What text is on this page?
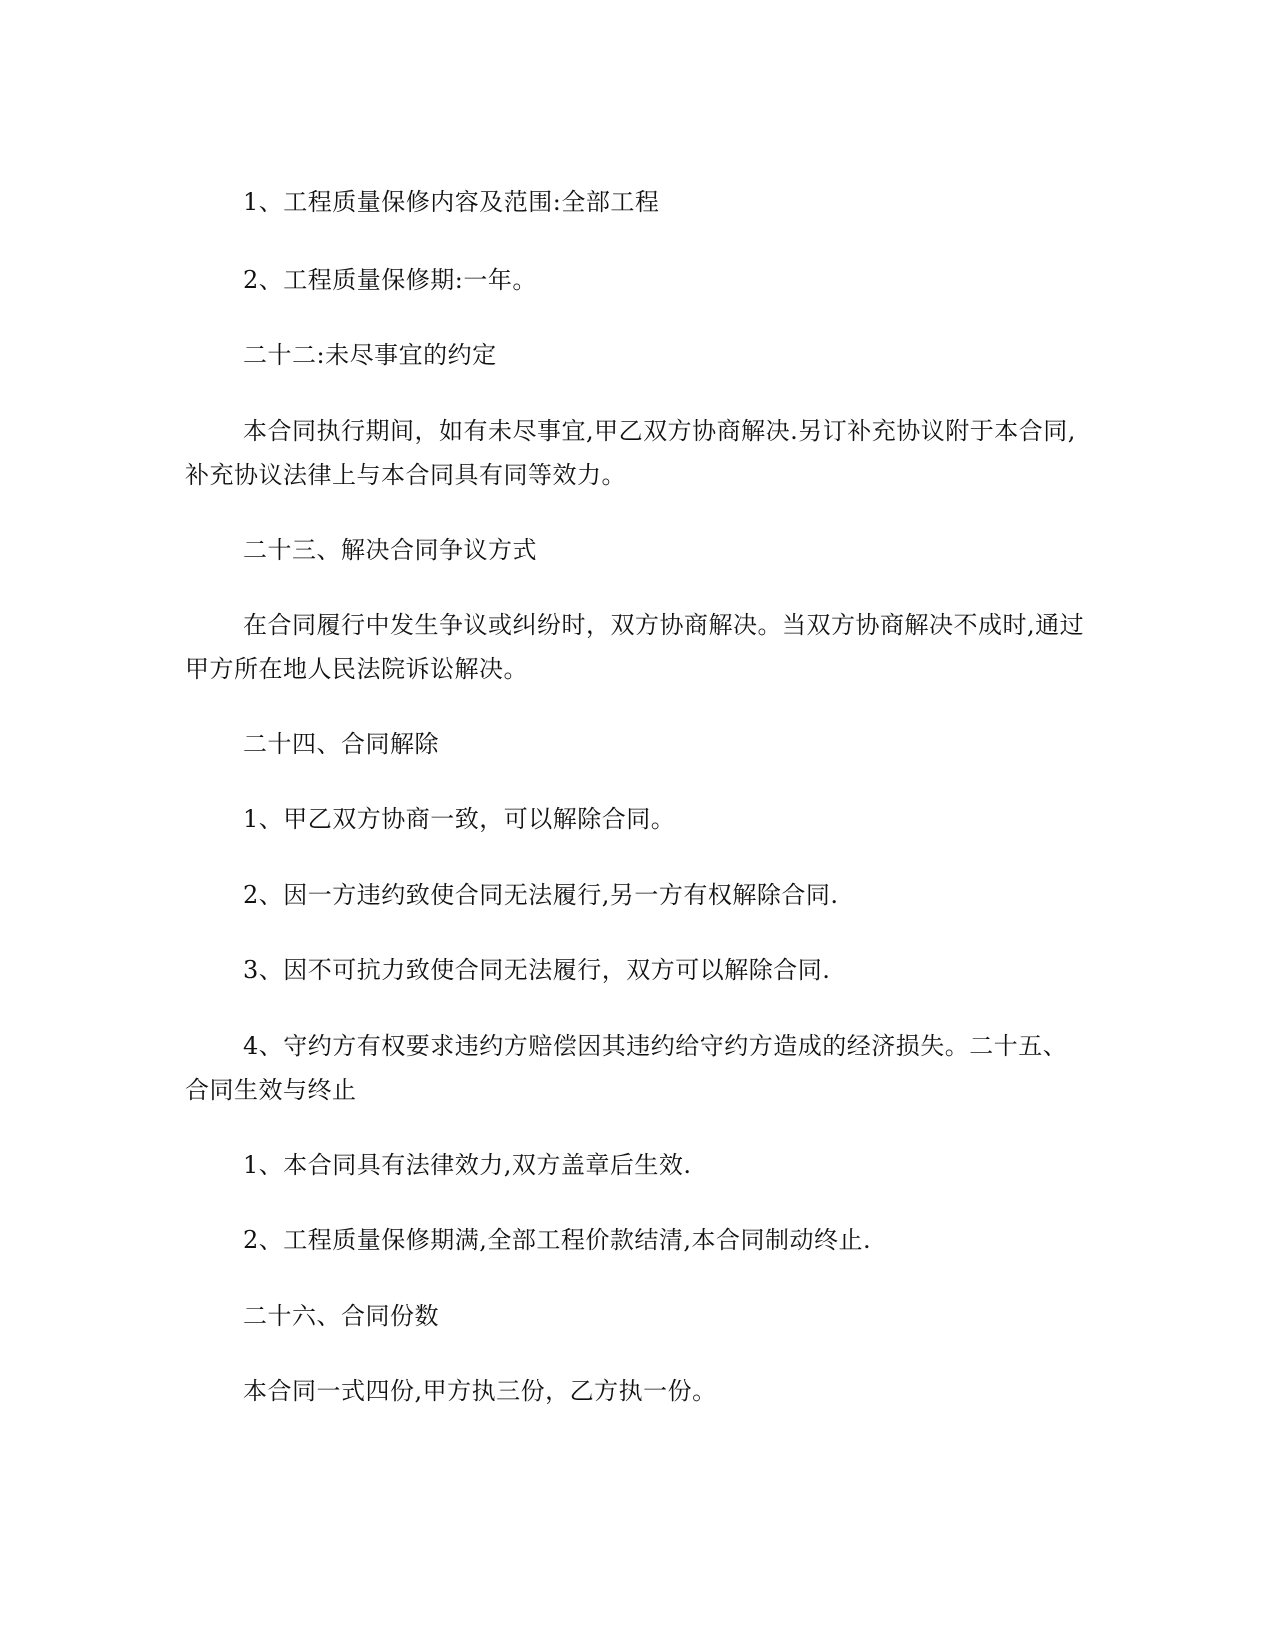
1、工程质量保修内容及范围:全部工程

2、工程质量保修期:一年。

二十二:未尽事宜的约定

本合同执行期间，如有未尽事宜,甲乙双方协商解决.另订补充协议附于本合同,补充协议法律上与本合同具有同等效力。

二十三、解决合同争议方式

在合同履行中发生争议或纠纷时，双方协商解决。当双方协商解决不成时,通过甲方所在地人民法院诉讼解决。

二十四、合同解除

1、甲乙双方协商一致，可以解除合同。

2、因一方违约致使合同无法履行,另一方有权解除合同.

3、因不可抗力致使合同无法履行，双方可以解除合同.

4、守约方有权要求违约方赔偿因其违约给守约方造成的经济损失。二十五、合同生效与终止

1、本合同具有法律效力,双方盖章后生效.

2、工程质量保修期满,全部工程价款结清,本合同制动终止.

二十六、合同份数

本合同一式四份,甲方执三份，乙方执一份。
